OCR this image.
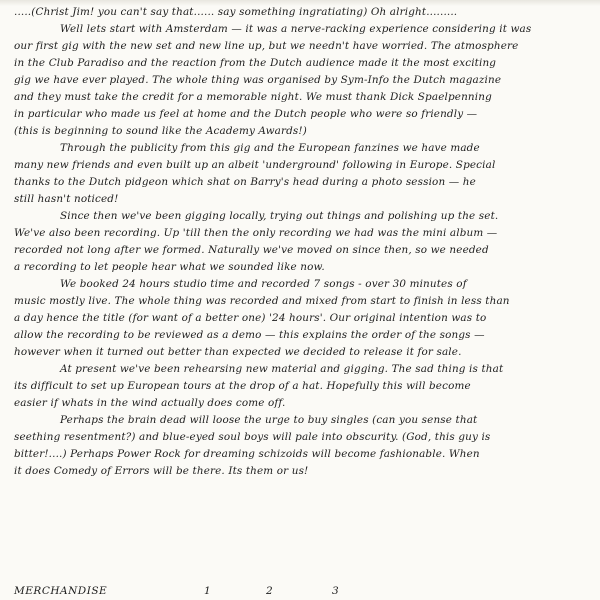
.....(Christ Jim! you can't say that...... say something ingratiating) Oh alright.........
Well lets start with Amsterdam — it was a nerve-racking experience considering it was
our first gig with the new set and new line up, but we needn't have worried. The atmosphere
in the Club Paradiso and the reaction from the Dutch audience made it the most exciting
gig we have ever played. The whole thing was organised by Sym-Info the Dutch magazine
and they must take the credit for a memorable night. We must thank Dick Spaelpenning
in particular who made us feel at home and the Dutch people who were so friendly —
(this is beginning to sound like the Academy Awards!)
Through the publicity from this gig and the European fanzines we have made
many new friends and even built up an albeit 'underground' following in Europe. Special
thanks to the Dutch pidgeon which shat on Barry's head during a photo session — he
still hasn't noticed!
Since then we've been gigging locally, trying out things and polishing up the set.
We've also been recording. Up 'till then the only recording we had was the mini album —
recorded not long after we formed. Naturally we've moved on since then, so we needed
a recording to let people hear what we sounded like now.
We booked 24 hours studio time and recorded 7 songs - over 30 minutes of
music mostly live. The whole thing was recorded and mixed from start to finish in less than
a day hence the title (for want of a better one) '24 hours'. Our original intention was to
allow the recording to be reviewed as a demo — this explains the order of the songs —
however when it turned out better than expected we decided to release it for sale.
At present we've been rehearsing new material and gigging. The sad thing is that
its difficult to set up European tours at the drop of a hat. Hopefully this will become
easier if whats in the wind actually does come off.
Perhaps the brain dead will loose the urge to buy singles (can you sense that
seething resentment?) and blue-eyed soul boys will pale into obscurity. (God, this guy is
bitter!....) Perhaps Power Rock for dreaming schizoids will become fashionable. When
it does Comedy of Errors will be there. Its them or us!
MERCHANDISE	1	2	3
